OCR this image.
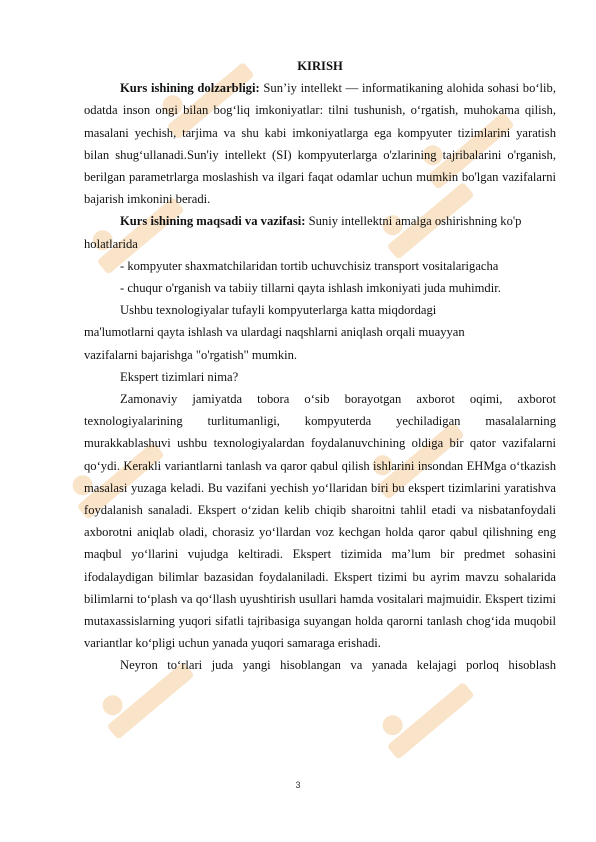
KIRISH

Kurs ishining dolzarbligi: Sun’iy intellekt — informatikaning alohida sohasi bo‘lib, odatda inson ongi bilan bog‘liq imkoniyatlar: tilni tushunish, o‘rgatish, muhokama qilish, masalani yechish, tarjima va shu kabi imkoniyatlarga ega kompyuter tizimlarini yaratish bilan shug‘ullanadi.Sun'iy intellekt (SI) kompyuterlarga o'zlarining tajribalarini o'rganish, berilgan parametrlarga moslashish va ilgari faqat odamlar uchun mumkin bo'lgan vazifalarni bajarish imkonini beradi.

Kurs ishining maqsadi va vazifasi: Suniy intellektni amalga oshirishning ko'p holatlarida

- kompyuter shaxmatchilaridan tortib uchuvchisiz transport vositalarigacha

- chuqur o'rganish va tabiiy tillarni qayta ishlash imkoniyati juda muhimdir.

Ushbu texnologiyalar tufayli kompyuterlarga katta miqdordagi

ma'lumotlarni qayta ishlash va ulardagi naqshlarni aniqlash orqali muayyan

vazifalarni bajarishga "o'rgatish" mumkin.

Ekspert tizimlari nima?

Zamonaviy jamiyatda tobora o‘sib borayotgan axborot oqimi, axborot texnologiyalarining turlitumanligi, kompyuterda yechiladigan masalalarning murakkablashuvi ushbu texnologiyalardan foydalanuvchining oldiga bir qator vazifalarni qo‘ydi. Kerakli variantlarni tanlash va qaror qabul qilish ishlarini insondan EHMga o‘tkazish masalasi yuzaga keladi. Bu vazifani yechish yo‘llaridan biri bu ekspert tizimlarini yaratishva foydalanish sanaladi. Ekspert o‘zidan kelib chiqib sharoitni tahlil etadi va nisbatanfoydali axborotni aniqlab oladi, chorasiz yo‘llardan voz kechgan holda qaror qabul qilishning eng maqbul yo‘llarini vujudga keltiradi. Ekspert tizimida ma’lum bir predmet sohasini ifodalaydigan bilimlar bazasidan foydalaniladi. Ekspert tizimi bu ayrim mavzu sohalarida bilimlarni to‘plash va qo‘llash uyushtirish usullari hamda vositalari majmuidir. Ekspert tizimi mutaxassislarning yuqori sifatli tajribasiga suyangan holda qarorni tanlash chog‘ida muqobil variantlar ko‘pligi uchun yanada yuqori samaraga erishadi.

Neyron to‘rlari juda yangi hisoblangan va yanada kelajagi porloq hisoblash

3
